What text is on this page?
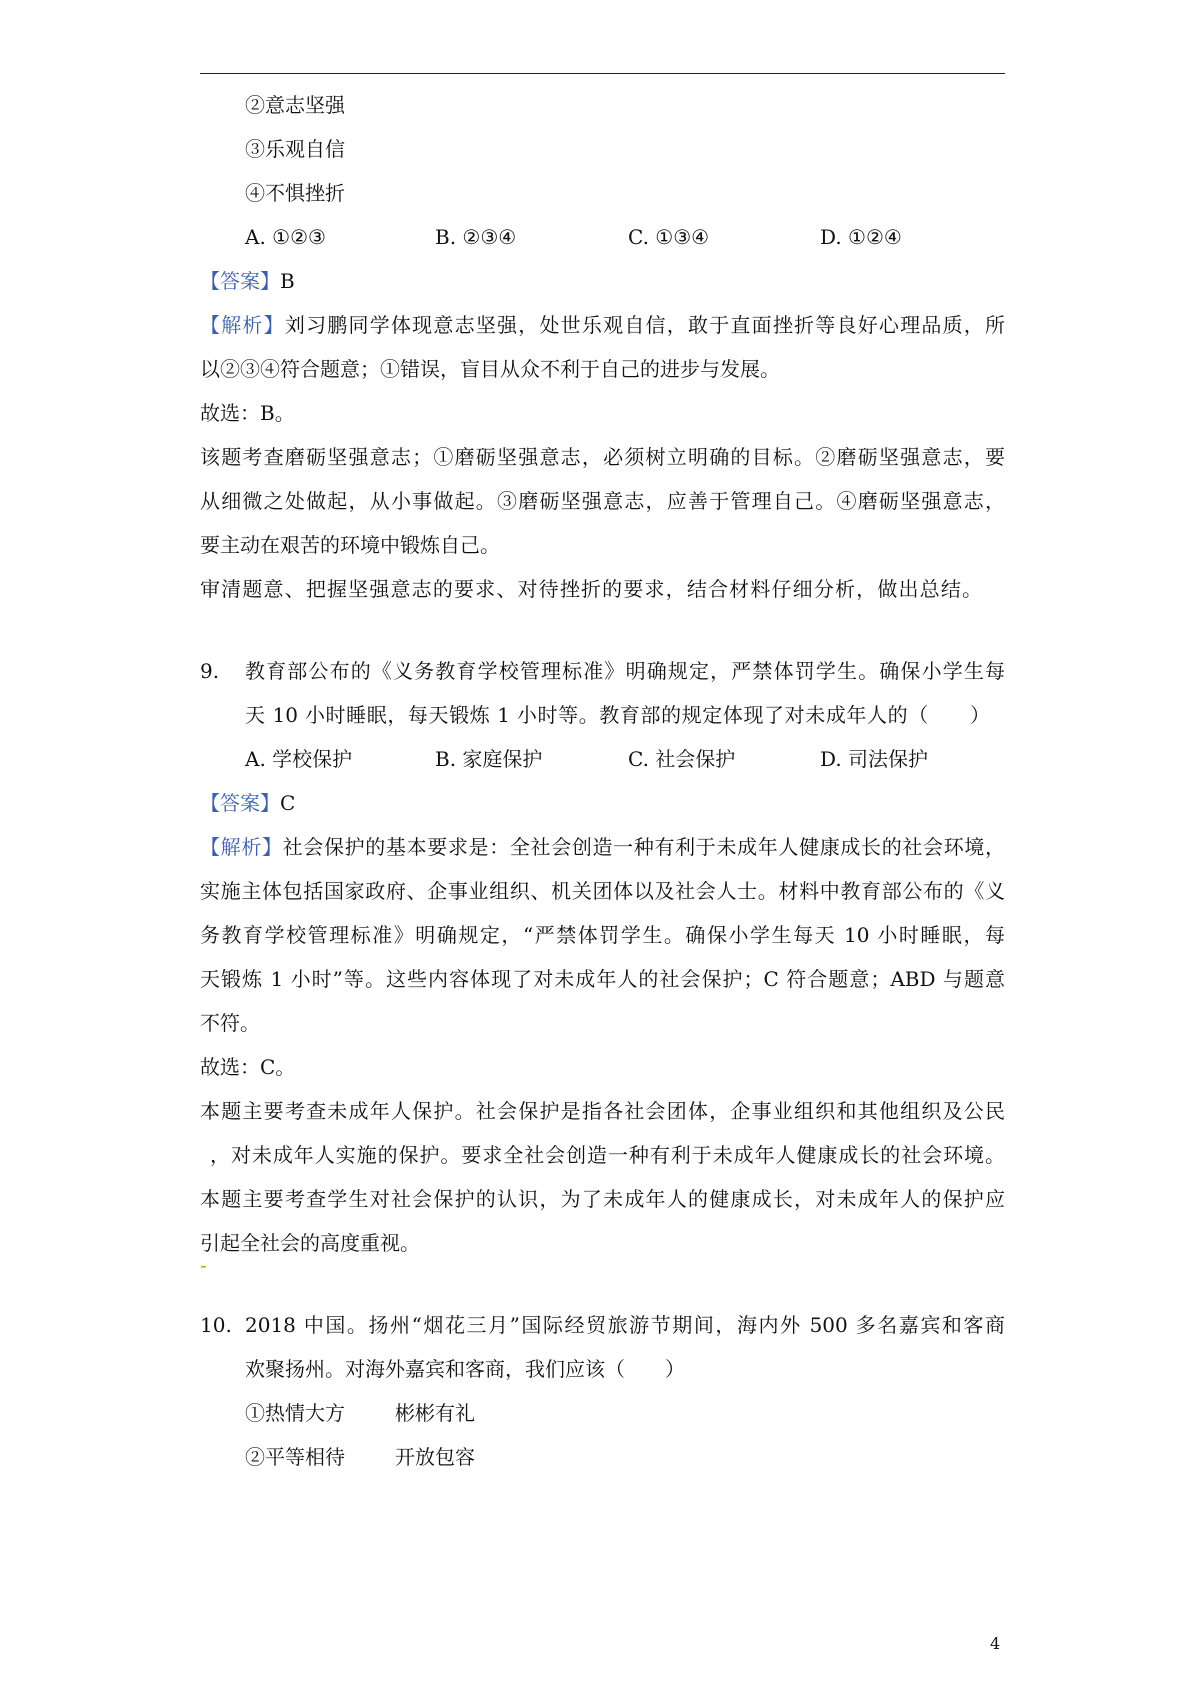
②意志坚强
③乐观自信
④不惧挫折
A. ①②③	B. ②③④	C. ①③④	D. ①②④
【答案】B
【解析】刘习鹏同学体现意志坚强，处世乐观自信，敢于直面挫折等良好心理品质，所
以②③④符合题意；①错误，盲目从众不利于自己的进步与发展。
故选：B。
该题考查磨砺坚强意志；①磨砺坚强意志，必须树立明确的目标。②磨砺坚强意志，要
从细微之处做起，从小事做起。③磨砺坚强意志，应善于管理自己。④磨砺坚强意志，
要主动在艰苦的环境中锻炼自己。
审清题意、把握坚强意志的要求、对待挫折的要求，结合材料仔细分析，做出总结。
9. 教育部公布的《义务教育学校管理标准》明确规定，严禁体罚学生。确保小学生每
天 10 小时睡眠，每天锻炼 1 小时等。教育部的规定体现了对未成年人的（　　）
A. 学校保护	B. 家庭保护	C. 社会保护	D. 司法保护
【答案】C
【解析】社会保护的基本要求是：全社会创造一种有利于未成年人健康成长的社会环境，
实施主体包括国家政府、企事业组织、机关团体以及社会人士。材料中教育部公布的《义
务教育学校管理标准》明确规定，“严禁体罚学生。确保小学生每天 10 小时睡眠，每
天锻炼 1 小时”等。这些内容体现了对未成年人的社会保护；C 符合题意；ABD 与题意
不符。
故选：C。
本题主要考查未成年人保护。社会保护是指各社会团体，企事业组织和其他组织及公民
-
，对未成年人实施的保护。要求全社会创造一种有利于未成年人健康成长的社会环境。
本题主要考查学生对社会保护的认识，为了未成年人的健康成长，对未成年人的保护应
引起全社会的高度重视。
10. 2018 中国。扬州“烟花三月”国际经贸旅游节期间，海内外 500 多名嘉宾和客商
欢聚扬州。对海外嘉宾和客商，我们应该（　　）
①热情大方	彬彬有礼
②平等相待	开放包容
4
